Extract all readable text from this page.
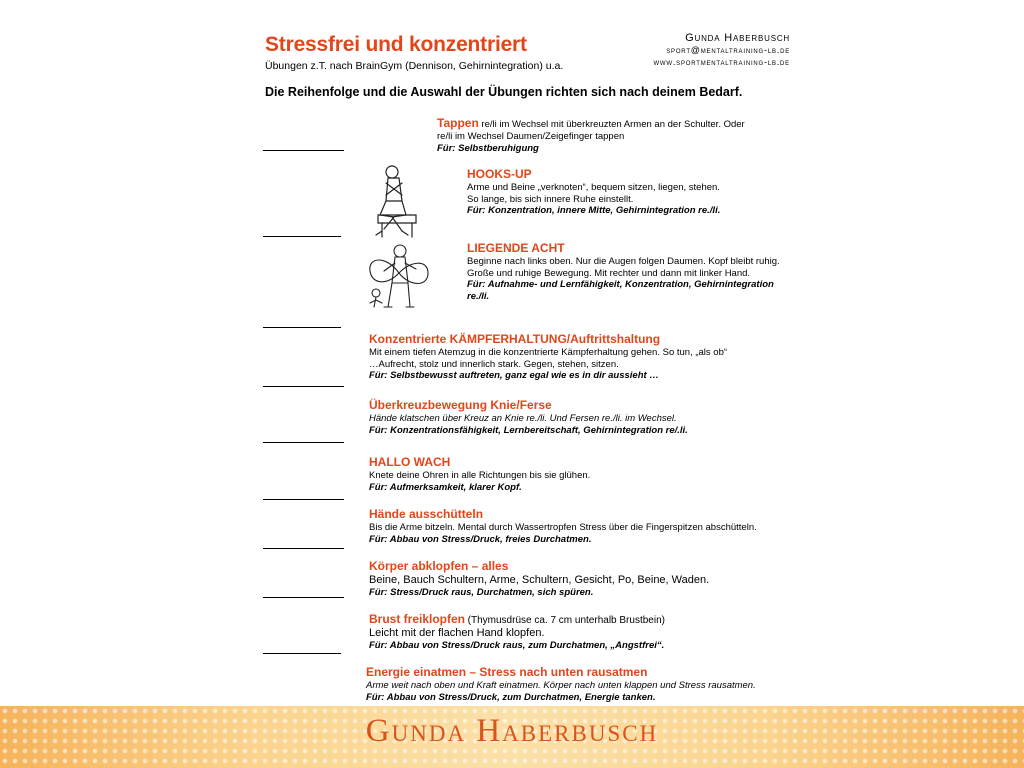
Stressfrei und konzentriert

Übungen z.T. nach BrainGym (Dennison, Gehirnintegration) u.a.

Gunda Haberbusch
sport@mentaltraining-lb.de
www.sportmentaltraining-lb.de

Die Reihenfolge und die Auswahl der Übungen richten sich nach deinem Bedarf.

Tappen re/li im Wechsel mit überkreuzten Armen an der Schulter. Oder
re/li im Wechsel Daumen/Zeigefinger tappen
Für: Selbstberuhigung
HOOKS-UP
Arme und Beine „verknoten“, bequem sitzen, liegen, stehen.
So lange, bis sich innere Ruhe einstellt.
Für: Konzentration, innere Mitte, Gehirnintegration re./li.
LIEGENDE ACHT
Beginne nach links oben. Nur die Augen folgen Daumen. Kopf bleibt ruhig.
Große und ruhige Bewegung. Mit rechter und dann mit linker Hand.
Für: Aufnahme- und Lernfähigkeit, Konzentration, Gehirnintegration re./li.
Konzentrierte KÄMPFERHALTUNG/Auftrittshaltung
Mit einem tiefen Atemzug in die konzentrierte Kämpferhaltung gehen. So tun, „als ob“
…Aufrecht, stolz und innerlich stark. Gegen, stehen, sitzen.
Für: Selbstbewusst auftreten, ganz egal wie es in dir aussieht …
Überkreuzbewegung Knie/Ferse
Hände klatschen über Kreuz an Knie re./li. Und Fersen re./li. im Wechsel.
Für: Konzentrationsfähigkeit, Lernbereitschaft, Gehirnintegration re/.li.
HALLO WACH
Knete deine Ohren in alle Richtungen bis sie glühen.
Für: Aufmerksamkeit, klarer Kopf.
Hände ausschütteln
Bis die Arme bitzeln. Mental durch Wassertropfen Stress über die Fingerspitzen abschütteln.
Für: Abbau von Stress/Druck, freies Durchatmen.
Körper abklopfen – alles
Beine, Bauch Schultern, Arme, Schultern, Gesicht, Po, Beine, Waden.
Für: Stress/Druck raus, Durchatmen, sich spüren.
Brust freiklopfen (Thymusdrüse ca. 7 cm unterhalb Brustbein)
Leicht mit der flachen Hand klopfen.
Für: Abbau von Stress/Druck raus, zum Durchatmen, „Angstfrei“.
Energie einatmen – Stress nach unten rausatmen
Arme weit nach oben und Kraft einatmen. Körper nach unten klappen und Stress rausatmen.
Für: Abbau von Stress/Druck, zum Durchatmen, Energie tanken.
Gunda Haberbusch
